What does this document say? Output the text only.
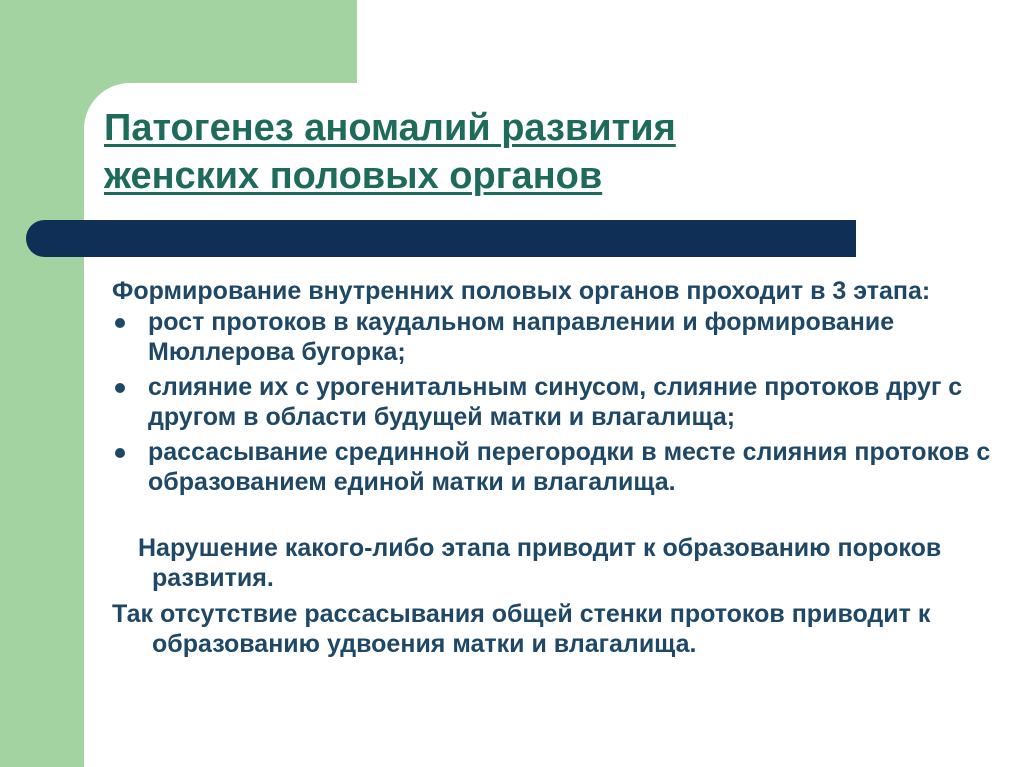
Патогенез аномалий развития
женских половых органов

Формирование внутренних половых органов проходит в 3 этапа:

рост протоков в каудальном направлении и формирование Мюллерова бугорка;
слияние их с урогенитальным синусом, слияние протоков друг с другом в области будущей матки и влагалища;
рассасывание срединной перегородки в месте слияния протоков с образованием единой матки и влагалища.

Нарушение какого-либо этапа приводит к образованию пороков развития.

Так отсутствие рассасывания общей стенки протоков приводит к образованию удвоения матки и влагалища.
